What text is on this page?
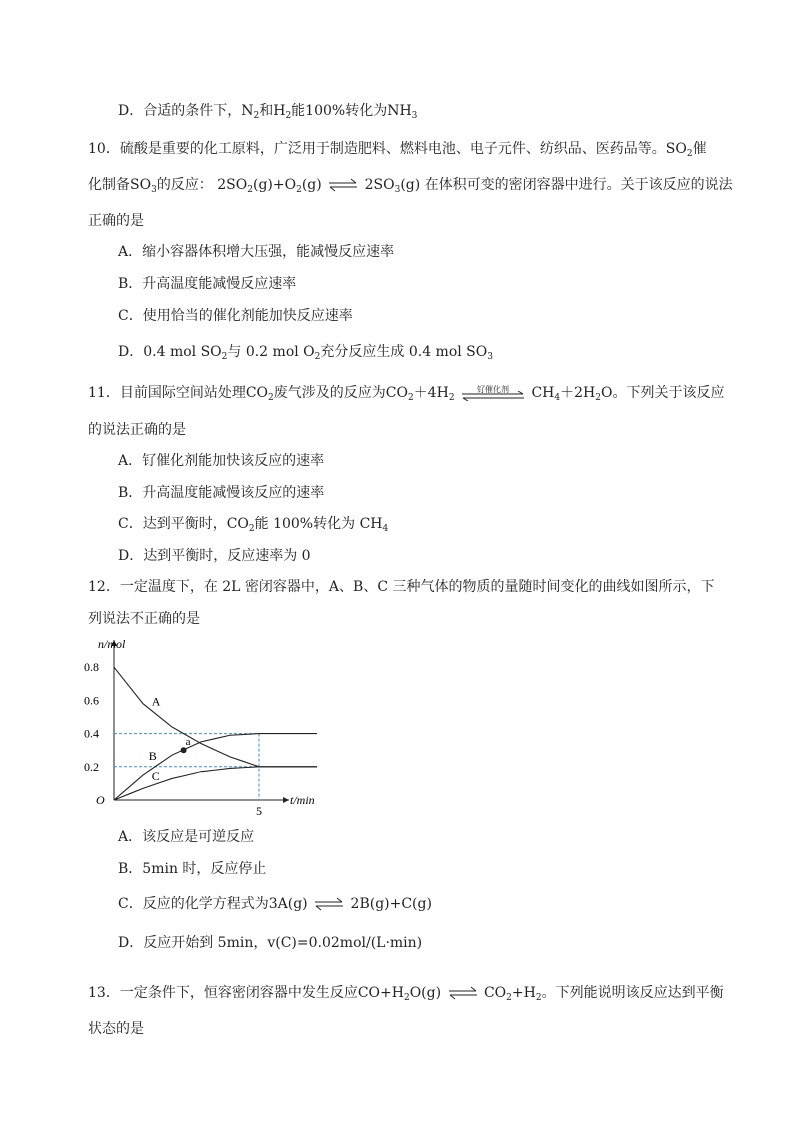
D．合适的条件下，$N_2$和$H_2$能100%转化为$NH_3$
10．硫酸是重要的化工原料，广泛用于制造肥料、燃料电池、电子元件、纺织品、医药品等。$SO_2$催
化制备$SO_3$的反应： $2SO_2(g)+O_2(g)$ ⇌ $2SO_3(g)$ 在体积可变的密闭容器中进行。关于该反应的说法
正确的是
A．缩小容器体积增大压强，能减慢反应速率
B．升高温度能减慢反应速率
C．使用恰当的催化剂能加快反应速率
D．0.4 mol $SO_2$与 0.2 mol $O_2$充分反应生成 0.4 mol $SO_3$
11．目前国际空间站处理$CO_2$废气涉及的反应为$CO_2+4H_2$
钌催化剂	$CH_4+2H_2O$。下列关于该反应
的说法正确的是
A．钌催化剂能加快该反应的速率
B．升高温度能减慢该反应的速率
C．达到平衡时，$CO_2$能 100%转化为 $CH_4$
D．达到平衡时，反应速率为 0
12．一定温度下，在 2L 密闭容器中，A、B、C 三种气体的物质的量随时间变化的曲线如图所示，下
列说法不正确的是
n/mol
t/min
O
0.8
0.6
0.4
0.2
A
B
C
5
a
A．该反应是可逆反应
B．5min 时，反应停止
C．反应的化学方程式为3A(g) ⇌ 2B(g)+C(g)
D．反应开始到 5min，v(C)=0.02mol/(L·min)
13．一定条件下，恒容密闭容器中发生反应$CO+H_2O(g)$ ⇌ $CO_2+H_2$。下列能说明该反应达到平衡
状态的是
